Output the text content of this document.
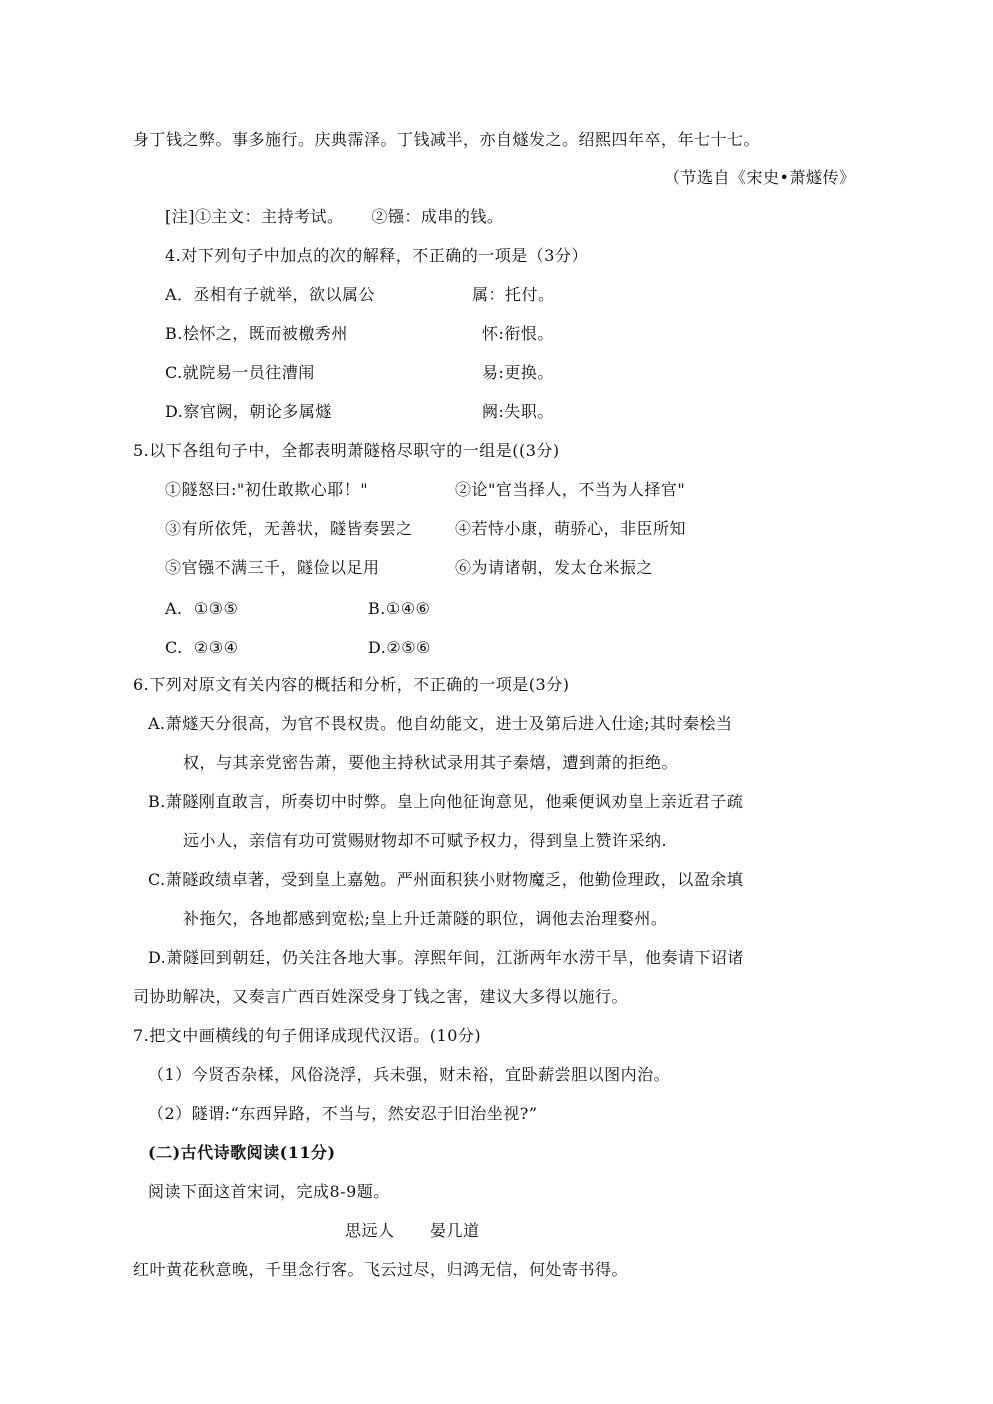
身丁钱之弊。事多施行。庆典霈泽。丁钱减半，亦自燧发之。绍熙四年卒，年七十七。
（节选自《宋史•萧燧传》
[注]①主文：主持考试。     ②镪：成串的钱。
4.对下列句子中加点的次的解释，不正确的一项是（3分）
A．丞相有子就举，欲以属公	属：托付。
B.桧怀之，既而被檄秀州	怀:衔恨。
C.就院易一员往漕闱	易:更换。
D.察官阙，朝论多属燧	阙:失职。
5.以下各组句子中，全都表明萧隧格尽职守的一组是((3分)
①隧怒曰:"初仕敢欺心耶！"	②论"官当择人，不当为人择官"
③有所依凭，无善状，隧皆奏罢之	④若恃小康，萌骄心，非臣所知
⑤官镪不满三千，隧俭以足用	⑥为请诸朝，发太仓米振之
A.  ①③⑤	B.①④⑥
C.  ②③④	D.②⑤⑥
6.下列对原文有关内容的概括和分析，不正确的一项是(3分)
A.萧燧天分很高，为官不畏权贵。他自幼能文，进士及第后进入仕途;其时秦桧当
权，与其亲党密告萧，要他主持秋试录用其子秦熺，遭到萧的拒绝。
B.萧隧刚直敢言，所奏切中时弊。皇上向他征询意见，他乘便讽劝皇上亲近君子疏
远小人，亲信有功可赏赐财物却不可赋予权力，得到皇上赞许采纳.
C.萧隧政绩卓著，受到皇上嘉勉。严州面积狭小财物魔乏，他勤俭理政，以盈余填
补拖欠，各地都感到宽松;皇上升迁萧隧的职位，调他去治理婺州。
D.萧隧回到朝廷，仍关注各地大事。淳熙年间，江浙两年水涝干旱，他奏请下诏诸
司协助解决，又奏言广西百姓深受身丁钱之害，建议大多得以施行。
7.把文中画横线的句子佣译成现代汉语。(10分)
（1）今贤否杂楺，风俗浇浮，兵未强，财未裕，宜卧薪尝胆以图内治。
（2）隧谓:“东西异路，不当与，然安忍于旧治坐视?”
(二)古代诗歌阅读(11分)
阅读下面这首宋词，完成8-9题。
思远人 晏几道
红叶黄花秋意晚，千里念行客。飞云过尽，归鸿无信，何处寄书得。
